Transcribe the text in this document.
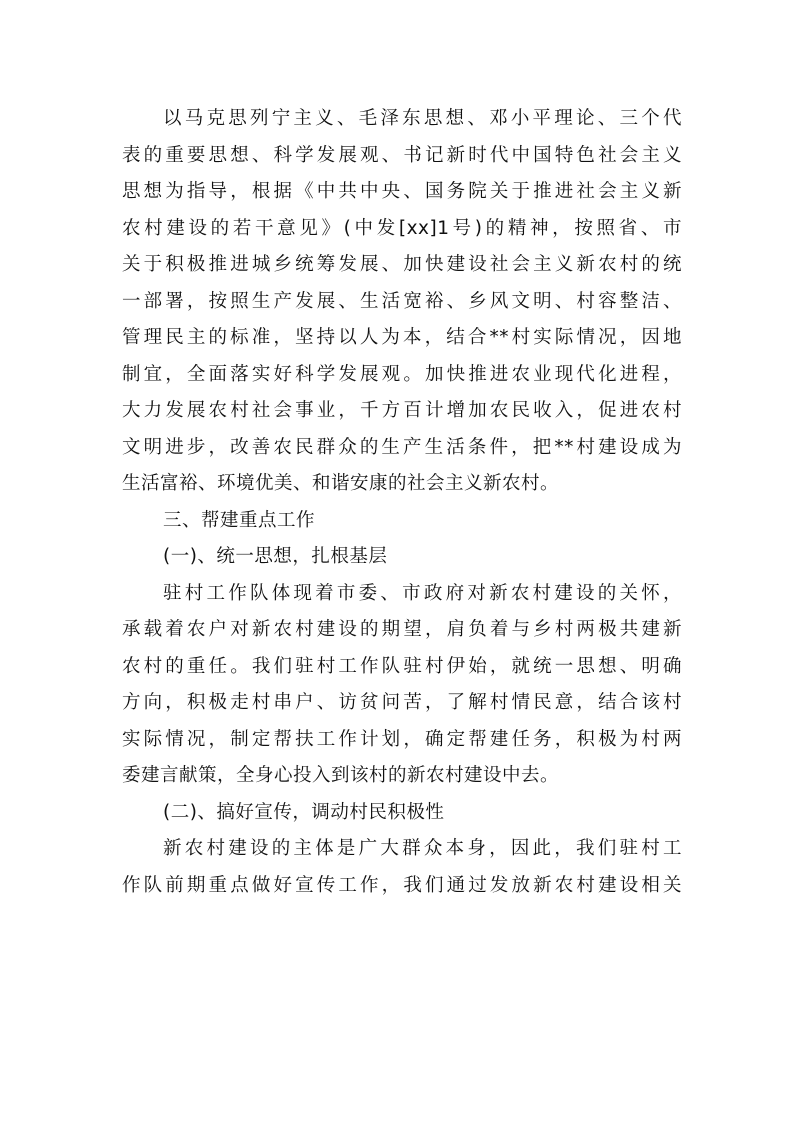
以马克思列宁主义、毛泽东思想、邓小平理论、三个代
表的重要思想、科学发展观、书记新时代中国特色社会主义
思想为指导，根据《中共中央、国务院关于推进社会主义新
农村建设的若干意见》(中发[xx]1号)的精神，按照省、市
关于积极推进城乡统筹发展、加快建设社会主义新农村的统
一部署，按照生产发展、生活宽裕、乡风文明、村容整洁、
管理民主的标准，坚持以人为本，结合**村实际情况，因地
制宜，全面落实好科学发展观。加快推进农业现代化进程，
大力发展农村社会事业，千方百计增加农民收入，促进农村
文明进步，改善农民群众的生产生活条件，把**村建设成为
生活富裕、环境优美、和谐安康的社会主义新农村。
三、帮建重点工作
(一)、统一思想，扎根基层
驻村工作队体现着市委、市政府对新农村建设的关怀，
承载着农户对新农村建设的期望，肩负着与乡村两极共建新
农村的重任。我们驻村工作队驻村伊始，就统一思想、明确
方向，积极走村串户、访贫问苦，了解村情民意，结合该村
实际情况，制定帮扶工作计划，确定帮建任务，积极为村两
委建言献策，全身心投入到该村的新农村建设中去。
(二)、搞好宣传，调动村民积极性
新农村建设的主体是广大群众本身，因此，我们驻村工
作队前期重点做好宣传工作，我们通过发放新农村建设相关
